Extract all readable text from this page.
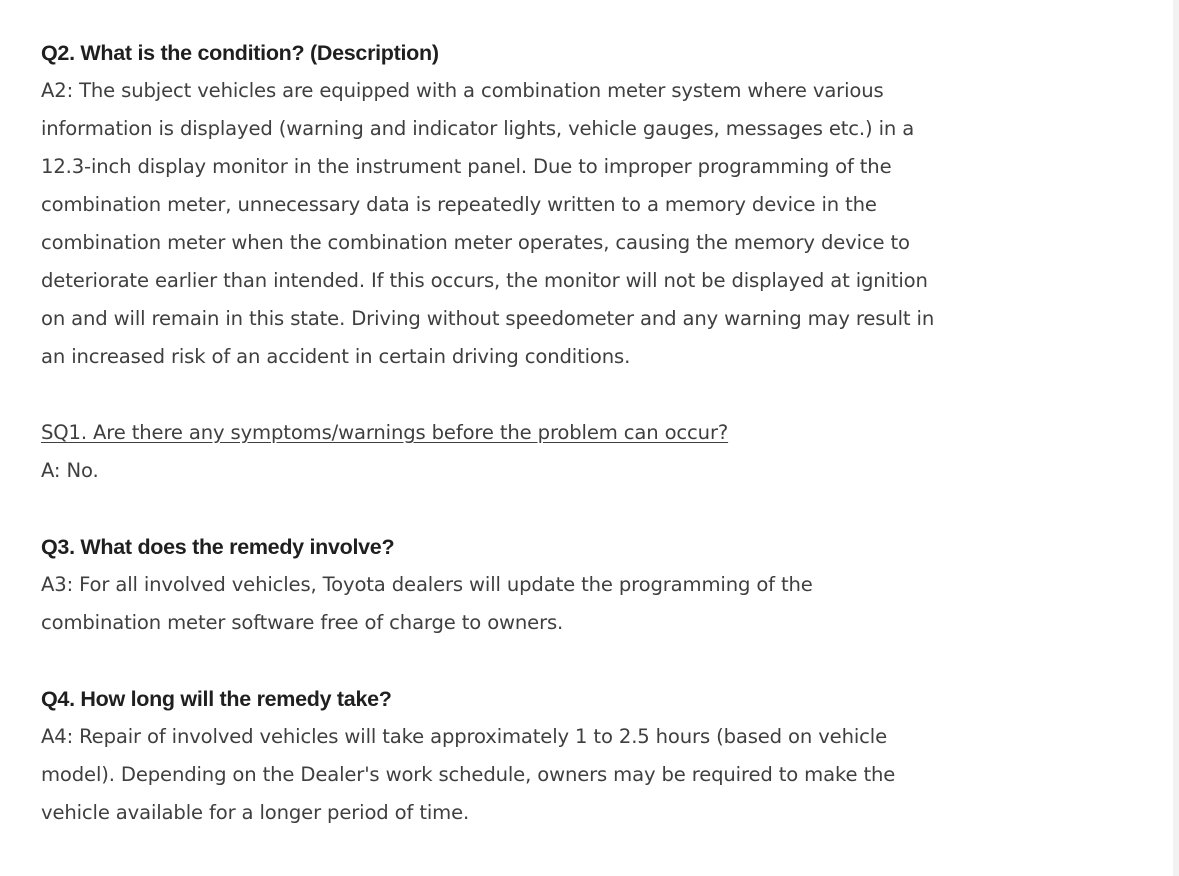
Q2. What is the condition? (Description)
A2: The subject vehicles are equipped with a combination meter system where various
information is displayed (warning and indicator lights, vehicle gauges, messages etc.) in a
12.3-inch display monitor in the instrument panel. Due to improper programming of the
combination meter, unnecessary data is repeatedly written to a memory device in the
combination meter when the combination meter operates, causing the memory device to
deteriorate earlier than intended. If this occurs, the monitor will not be displayed at ignition
on and will remain in this state. Driving without speedometer and any warning may result in
an increased risk of an accident in certain driving conditions.
SQ1. Are there any symptoms/warnings before the problem can occur?
A: No.
Q3. What does the remedy involve?
A3: For all involved vehicles, Toyota dealers will update the programming of the
combination meter software free of charge to owners.
Q4. How long will the remedy take?
A4: Repair of involved vehicles will take approximately 1 to 2.5 hours (based on vehicle
model). Depending on the Dealer's work schedule, owners may be required to make the
vehicle available for a longer period of time.
